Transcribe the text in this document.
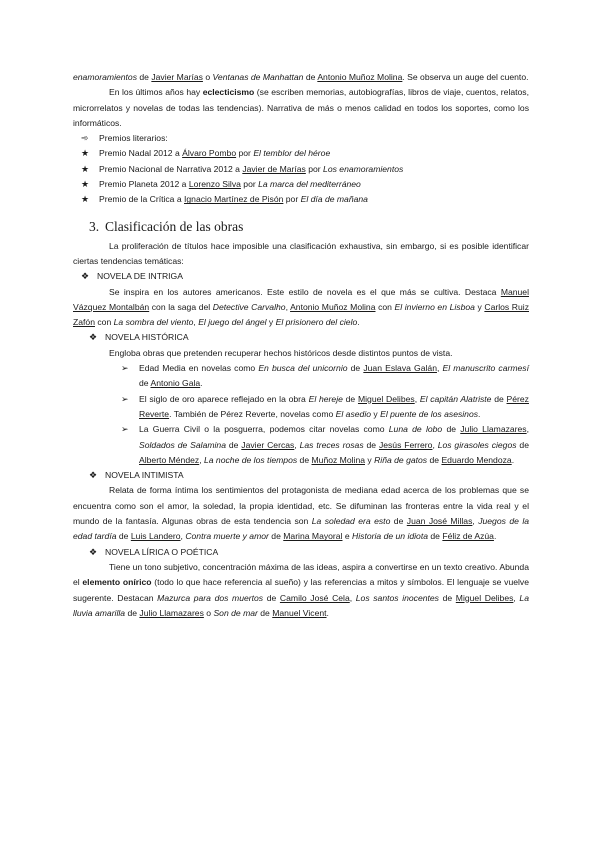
enamoramientos de Javier Marías o Ventanas de Manhattan de Antonio Muñoz Molina. Se observa un auge del cuento.

En los últimos años hay eclecticismo (se escriben memorias, autobiografías, libros de viaje, cuentos, relatos, microrrelatos y novelas de todas las tendencias). Narrativa de más o menos calidad en todos los soportes, como los informáticos.

➾	Premios literarios:
★	Premio Nadal 2012 a Álvaro Pombo por El temblor del héroe
★	Premio Nacional de Narrativa 2012 a Javier de Marías por Los enamoramientos
★	Premio Planeta 2012 a Lorenzo Silva por La marca del mediterráneo
★	Premio de la Crítica a Ignacio Martínez de Pisón por El día de mañana
3. Clasificación de las obras

La proliferación de títulos hace imposible una clasificación exhaustiva, sin embargo, si es posible identificar ciertas tendencias temáticas:

❖ NOVELA DE INTRIGA

Se inspira en los autores americanos. Este estilo de novela es el que más se cultiva. Destaca Manuel Vázquez Montalbán con la saga del Detective Carvalho, Antonio Muñoz Molina con El invierno en Lisboa y Carlos Ruiz Zafón con La sombra del viento, El juego del ángel y El prisionero del cielo.

❖ NOVELA HISTÓRICA

Engloba obras que pretenden recuperar hechos históricos desde distintos puntos de vista.

➢ Edad Media en novelas como En busca del unicornio de Juan Eslava Galán, El manuscrito carmesí de Antonio Gala.
➢ El siglo de oro aparece reflejado en la obra El hereje de Miguel Delibes, El capitán Alatriste de Pérez Reverte. También de Pérez Reverte, novelas como El asedio y El puente de los asesinos.
➢ La Guerra Civil o la posguerra, podemos citar novelas como Luna de lobo de Julio Llamazares, Soldados de Salamina de Javier Cercas, Las treces rosas de Jesús Ferrero, Los girasoles ciegos de Alberto Méndez, La noche de los tiempos de Muñoz Molina y Riña de gatos de Eduardo Mendoza.
❖ NOVELA INTIMISTA

Relata de forma íntima los sentimientos del protagonista de mediana edad acerca de los problemas que se encuentra como son el amor, la soledad, la propia identidad, etc. Se difuminan las fronteras entre la vida real y el mundo de la fantasía. Algunas obras de esta tendencia son La soledad era esto de Juan José Millas, Juegos de la edad tardía de Luis Landero, Contra muerte y amor de Marina Mayoral e Historia de un idiota de Féliz de Azúa.

❖ NOVELA LÍRICA O POÉTICA

Tiene un tono subjetivo, concentración máxima de las ideas, aspira a convertirse en un texto creativo. Abunda el elemento onírico (todo lo que hace referencia al sueño) y las referencias a mitos y símbolos. El lenguaje se vuelve sugerente. Destacan Mazurca para dos muertos de Camilo José Cela, Los santos inocentes de Miguel Delibes, La lluvia amarilla de Julio Llamazares o Son de mar de Manuel Vicent.
